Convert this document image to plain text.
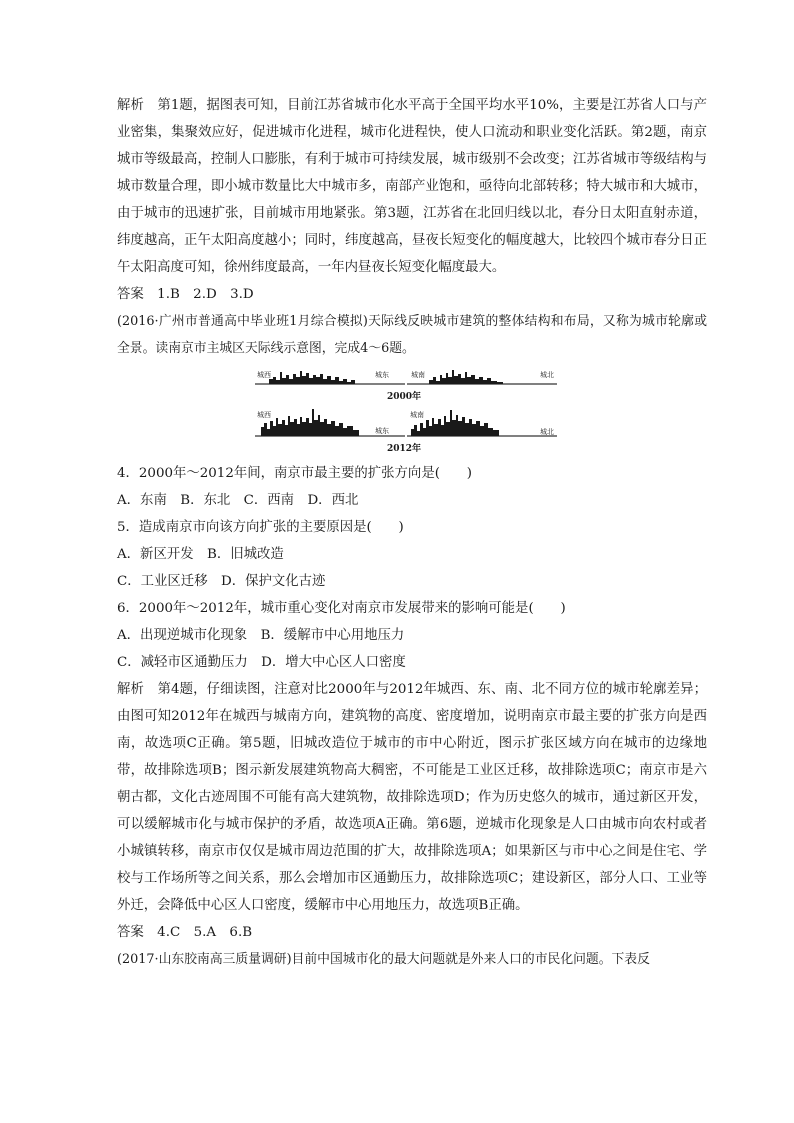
解析　第1题，据图表可知，目前江苏省城市化水平高于全国平均水平10%，主要是江苏省人口与产业密集，集聚效应好，促进城市化进程，城市化进程快，使人口流动和职业变化活跃。第2题，南京城市等级最高，控制人口膨胀，有利于城市可持续发展，城市级别不会改变；江苏省城市等级结构与城市数量合理，即小城市数量比大中城市多，南部产业饱和，亟待向北部转移；特大城市和大城市，由于城市的迅速扩张，目前城市用地紧张。第3题，江苏省在北回归线以北，春分日太阳直射赤道，纬度越高，正午太阳高度越小；同时，纬度越高，昼夜长短变化的幅度越大，比较四个城市春分日正午太阳高度可知，徐州纬度最高，一年内昼夜长短变化幅度最大。

答案　1.B　2.D　3.D

(2016·广州市普通高中毕业班1月综合模拟)天际线反映城市建筑的整体结构和布局，又称为城市轮廓或全景。读南京市主城区天际线示意图，完成4～6题。

城西	城东	城南	城北
2000年
城西
城东
城南
城北
2012年

4．2000年～2012年间，南京市最主要的扩张方向是(　　)

A．东南　B．东北　C．西南　D．西北

5．造成南京市向该方向扩张的主要原因是(　　)

A．新区开发　B．旧城改造

C．工业区迁移　D．保护文化古迹

6．2000年～2012年，城市重心变化对南京市发展带来的影响可能是(　　)

A．出现逆城市化现象　B．缓解市中心用地压力

C．减轻市区通勤压力　D．增大中心区人口密度

解析　第4题，仔细读图，注意对比2000年与2012年城西、东、南、北不同方位的城市轮廓差异；由图可知2012年在城西与城南方向，建筑物的高度、密度增加，说明南京市最主要的扩张方向是西南，故选项C正确。第5题，旧城改造位于城市的市中心附近，图示扩张区域方向在城市的边缘地带，故排除选项B；图示新发展建筑物高大稠密，不可能是工业区迁移，故排除选项C；南京市是六朝古都，文化古迹周围不可能有高大建筑物，故排除选项D；作为历史悠久的城市，通过新区开发，可以缓解城市化与城市保护的矛盾，故选项A正确。第6题，逆城市化现象是人口由城市向农村或者小城镇转移，南京市仅仅是城市周边范围的扩大，故排除选项A；如果新区与市中心之间是住宅、学校与工作场所等之间关系，那么会增加市区通勤压力，故排除选项C；建设新区，部分人口、工业等外迁，会降低中心区人口密度，缓解市中心用地压力，故选项B正确。

答案　4.C　5.A　6.B

(2017·山东胶南高三质量调研)目前中国城市化的最大问题就是外来人口的市民化问题。下表反
